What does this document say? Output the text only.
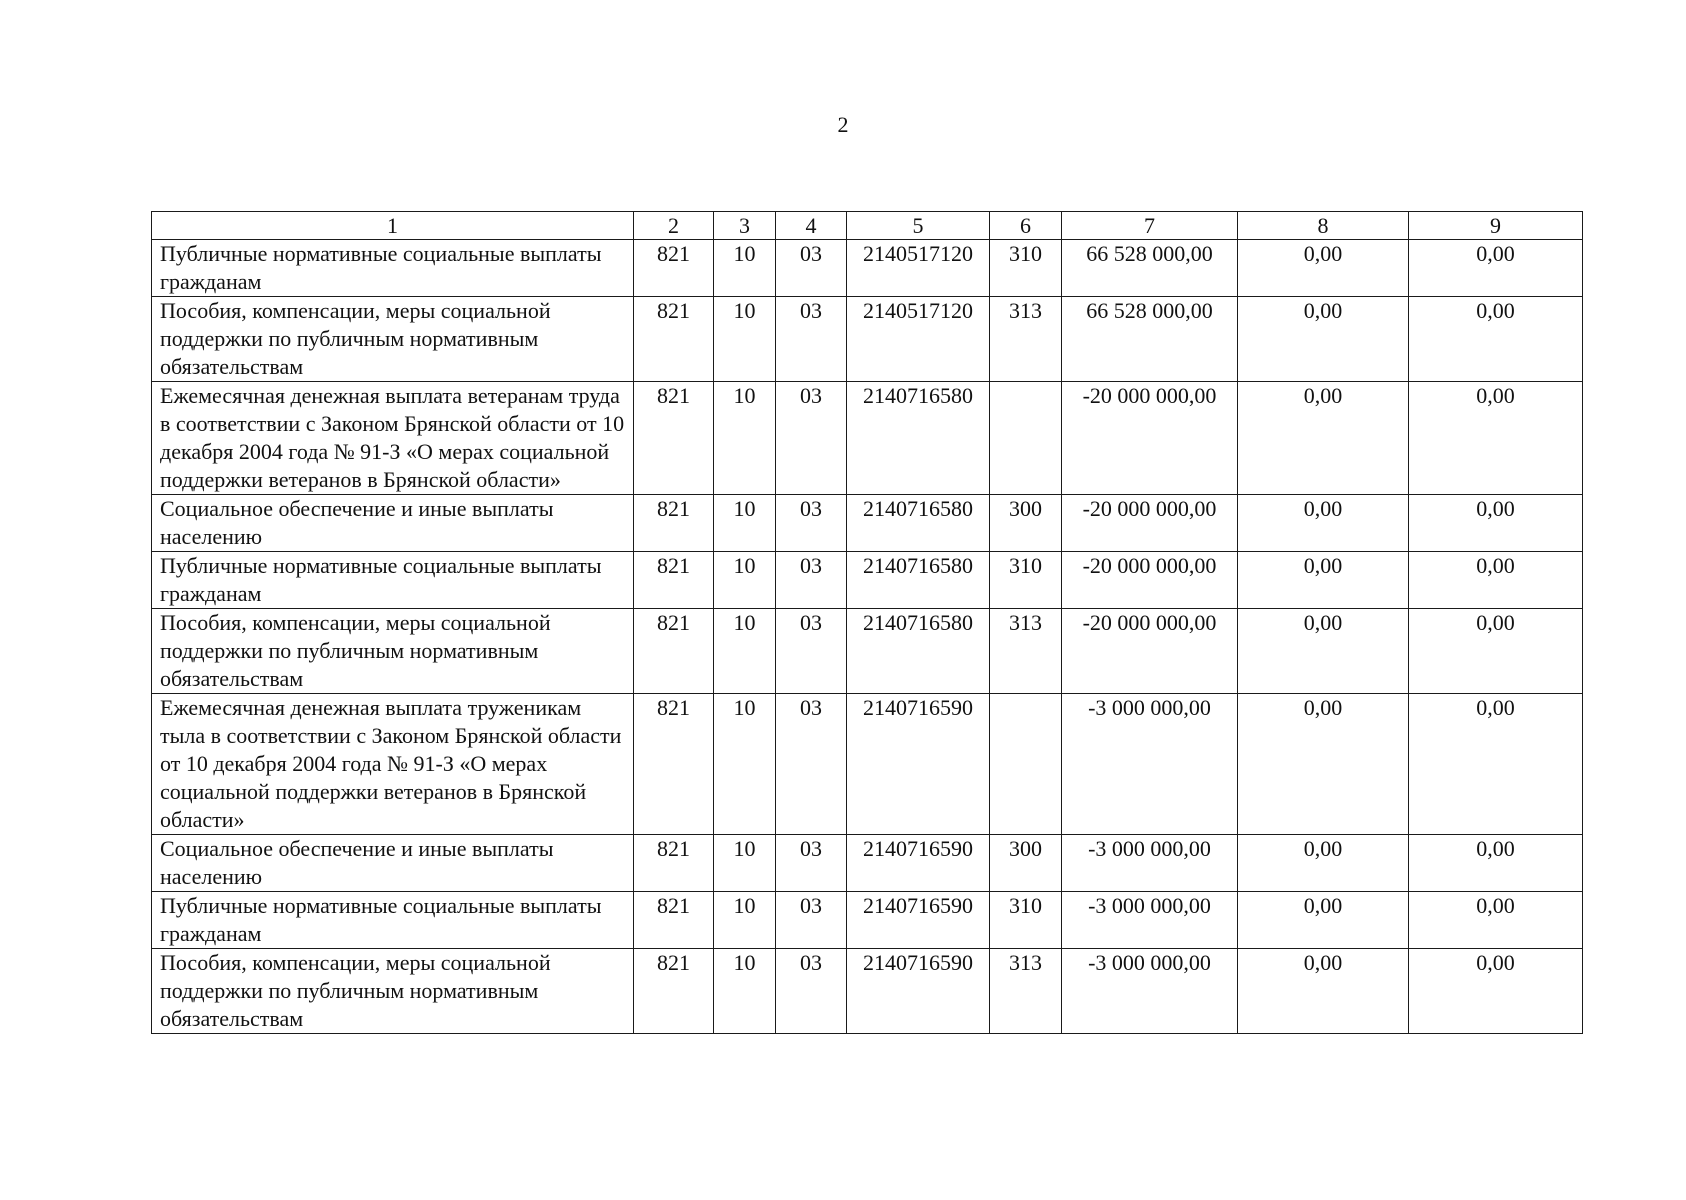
2
1	2	3	4	5	6	7	8	9
Публичные нормативные социальные выплаты гражданам	821	10	03	2140517120	310	66 528 000,00	0,00	0,00
Пособия, компенсации, меры социальной поддержки по публичным нормативным обязательствам	821	10	03	2140517120	313	66 528 000,00	0,00	0,00
Ежемесячная денежная выплата ветеранам труда в соответствии с Законом Брянской области от 10 декабря 2004 года № 91-З «О мерах социальной поддержки ветеранов в Брянской области»	821	10	03	2140716580		-20 000 000,00	0,00	0,00
Социальное обеспечение и иные выплаты населению	821	10	03	2140716580	300	-20 000 000,00	0,00	0,00
Публичные нормативные социальные выплаты гражданам	821	10	03	2140716580	310	-20 000 000,00	0,00	0,00
Пособия, компенсации, меры социальной поддержки по публичным нормативным обязательствам	821	10	03	2140716580	313	-20 000 000,00	0,00	0,00
Ежемесячная денежная выплата труженикам тыла в соответствии с Законом Брянской области от 10 декабря 2004 года № 91-З «О мерах социальной поддержки ветеранов в Брянской области»	821	10	03	2140716590		-3 000 000,00	0,00	0,00
Социальное обеспечение и иные выплаты населению	821	10	03	2140716590	300	-3 000 000,00	0,00	0,00
Публичные нормативные социальные выплаты гражданам	821	10	03	2140716590	310	-3 000 000,00	0,00	0,00
Пособия, компенсации, меры социальной поддержки по публичным нормативным обязательствам	821	10	03	2140716590	313	-3 000 000,00	0,00	0,00
